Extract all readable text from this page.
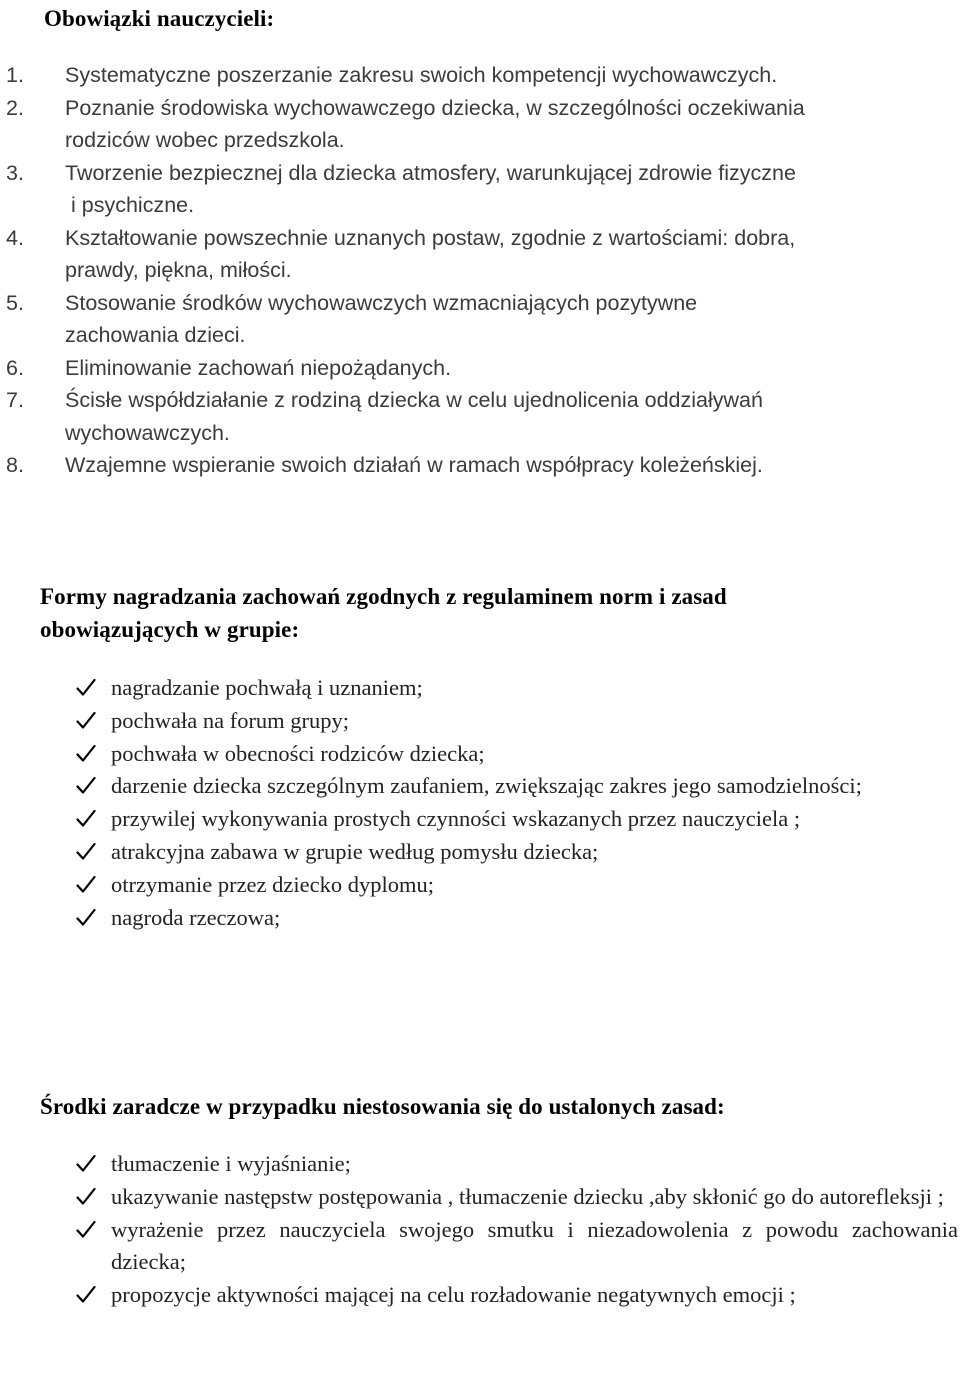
Obowiązki nauczycieli:
1. Systematyczne poszerzanie zakresu swoich kompetencji wychowawczych.
2. Poznanie środowiska wychowawczego dziecka, w szczególności oczekiwania
rodziców wobec przedszkola.
3. Tworzenie bezpiecznej dla dziecka atmosfery, warunkującej zdrowie fizyczne
i psychiczne.
4. Kształtowanie powszechnie uznanych postaw, zgodnie z wartościami: dobra,
prawdy, piękna, miłości.
5. Stosowanie środków wychowawczych wzmacniających pozytywne
zachowania dzieci.
6. Eliminowanie zachowań niepożądanych.
7. Ścisłe współdziałanie z rodziną dziecka w celu ujednolicenia oddziaływań
wychowawczych.
8. Wzajemne wspieranie swoich działań w ramach współpracy koleżeńskiej.
Formy nagradzania zachowań zgodnych z regulaminem norm i zasad
obowiązujących w grupie:
nagradzanie pochwałą i uznaniem;
pochwała na forum grupy;
pochwała w obecności rodziców dziecka;
darzenie dziecka szczególnym zaufaniem, zwiększając zakres jego samodzielności;
przywilej wykonywania prostych czynności wskazanych przez nauczyciela ;
atrakcyjna zabawa w grupie według pomysłu dziecka;
otrzymanie przez dziecko dyplomu;
nagroda rzeczowa;
Środki zaradcze w przypadku niestosowania się do ustalonych zasad:
tłumaczenie i wyjaśnianie;
ukazywanie następstw postępowania , tłumaczenie dziecku ,aby skłonić go do autorefleksji ;
wyrażenie przez nauczyciela swojego smutku i niezadowolenia z powodu zachowania dziecka;
propozycje aktywności mającej na celu rozładowanie negatywnych emocji ;
